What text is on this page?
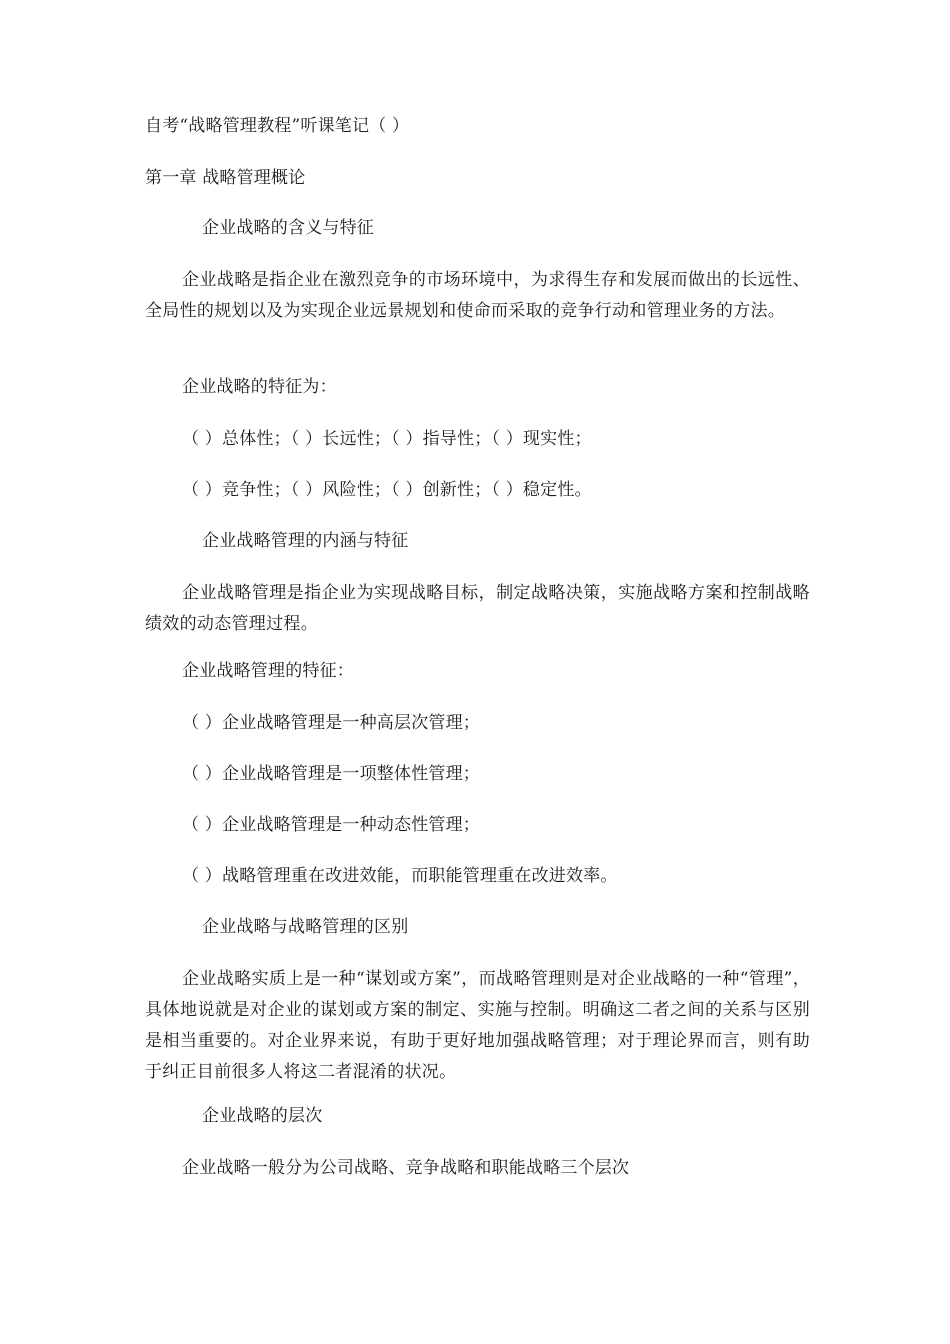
自考“战略管理教程”听课笔记（ ）
第一章 战略管理概论
企业战略的含义与特征
企业战略是指企业在激烈竞争的市场环境中，为求得生存和发展而做出的长远性、全局性的规划以及为实现企业远景规划和使命而采取的竞争行动和管理业务的方法。
企业战略的特征为：
（ ）总体性；（ ）长远性；（ ）指导性；（ ）现实性；
（ ）竞争性；（ ）风险性；（ ）创新性；（ ）稳定性。
企业战略管理的内涵与特征
企业战略管理是指企业为实现战略目标，制定战略决策，实施战略方案和控制战略绩效的动态管理过程。
企业战略管理的特征：
（ ）企业战略管理是一种高层次管理；
（ ）企业战略管理是一项整体性管理；
（ ）企业战略管理是一种动态性管理；
（ ）战略管理重在改进效能，而职能管理重在改进效率。
企业战略与战略管理的区别
企业战略实质上是一种“谋划或方案”，而战略管理则是对企业战略的一种“管理”，具体地说就是对企业的谋划或方案的制定、实施与控制。明确这二者之间的关系与区别是相当重要的。对企业界来说，有助于更好地加强战略管理；对于理论界而言，则有助于纠正目前很多人将这二者混淆的状况。
企业战略的层次
企业战略一般分为公司战略、竞争战略和职能战略三个层次
